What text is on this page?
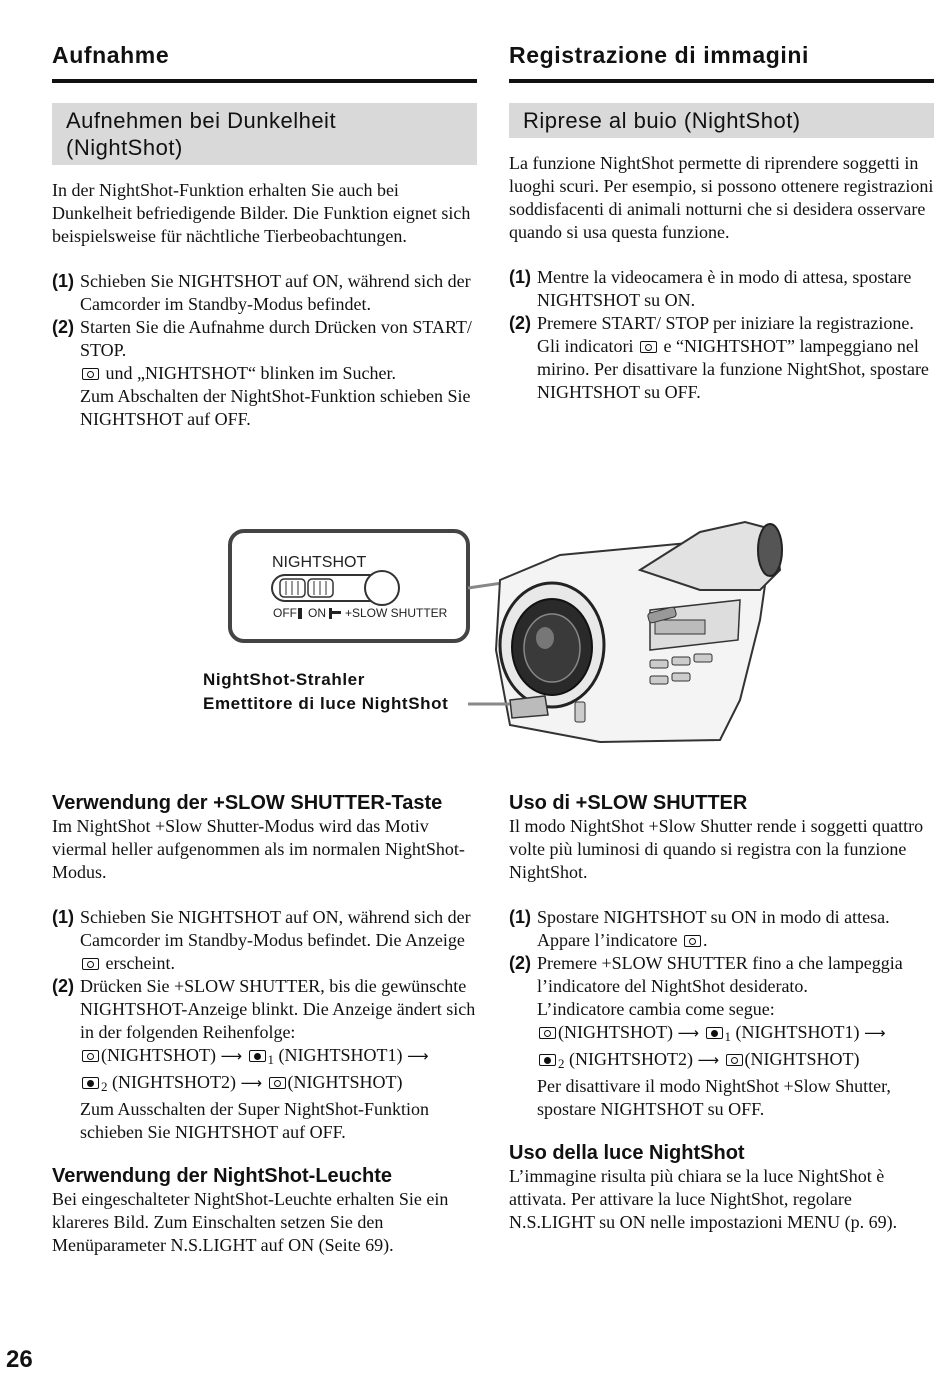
Aufnahme
Aufnehmen bei Dunkelheit
(NightShot)

In der NightShot-Funktion erhalten Sie auch bei Dunkelheit befriedigende Bilder. Die Funktion eignet sich beispielsweise für nächtliche Tierbeobachtungen.

(1) Schieben Sie NIGHTSHOT auf ON, während sich der Camcorder im Standby-Modus befindet.
(2) Starten Sie die Aufnahme durch Drücken von START/ STOP.
und „NIGHTSHOT“ blinken im Sucher.
Zum Abschalten der NightShot-Funktion schieben Sie NIGHTSHOT auf OFF.
Registrazione di immagini
Riprese al buio (NightShot)

La funzione NightShot permette di riprendere soggetti in luoghi scuri. Per esempio, si possono ottenere registrazioni soddisfacenti di animali notturni che si desidera osservare quando si usa questa funzione.

(1) Mentre la videocamera è in modo di attesa, spostare NIGHTSHOT su ON.
(2) Premere START/ STOP per iniziare la registrazione.
Gli indicatori e “NIGHTSHOT” lampeggiano nel mirino. Per disattivare la funzione NightShot, spostare NIGHTSHOT su OFF.
NIGHTSHOT
OFF ON +SLOW SHUTTER
NightShot-Strahler
Emettitore di luce NightShot
Verwendung der +SLOW SHUTTER-Taste

Im NightShot +Slow Shutter-Modus wird das Motiv viermal heller aufgenommen als im normalen NightShot-Modus.

(1) Schieben Sie NIGHTSHOT auf ON, während sich der Camcorder im Standby-Modus befindet. Die Anzeige  erscheint.
(2) Drücken Sie +SLOW SHUTTER, bis die gewünschte NIGHTSHOT-Anzeige blinkt. Die Anzeige ändert sich in der folgenden Reihenfolge:
(NIGHTSHOT) ⟶ $_1$ (NIGHTSHOT1) ⟶
$_2$ (NIGHTSHOT2) ⟶ (NIGHTSHOT)
Zum Ausschalten der Super NightShot-Funktion schieben Sie NIGHTSHOT auf OFF.
Verwendung der NightShot-Leuchte

Bei eingeschalteter NightShot-Leuchte erhalten Sie ein klareres Bild. Zum Einschalten setzen Sie den Menüparameter N.S.LIGHT auf ON (Seite 69).

Uso di +SLOW SHUTTER

Il modo NightShot +Slow Shutter rende i soggetti quattro volte più luminosi di quando si registra con la funzione NightShot.

(1) Spostare NIGHTSHOT su ON in modo di attesa. Appare l’indicatore .
(2) Premere +SLOW SHUTTER fino a che lampeggia l’indicatore del NightShot desiderato.
L’indicatore cambia come segue:
(NIGHTSHOT) ⟶ $_1$ (NIGHTSHOT1) ⟶
$_2$ (NIGHTSHOT2) ⟶ (NIGHTSHOT)
Per disattivare il modo NightShot +Slow Shutter, spostare NIGHTSHOT su OFF.
Uso della luce NightShot

L’immagine risulta più chiara se la luce NightShot è attivata. Per attivare la luce NightShot, regolare N.S.LIGHT su ON nelle impostazioni MENU (p. 69).

26
